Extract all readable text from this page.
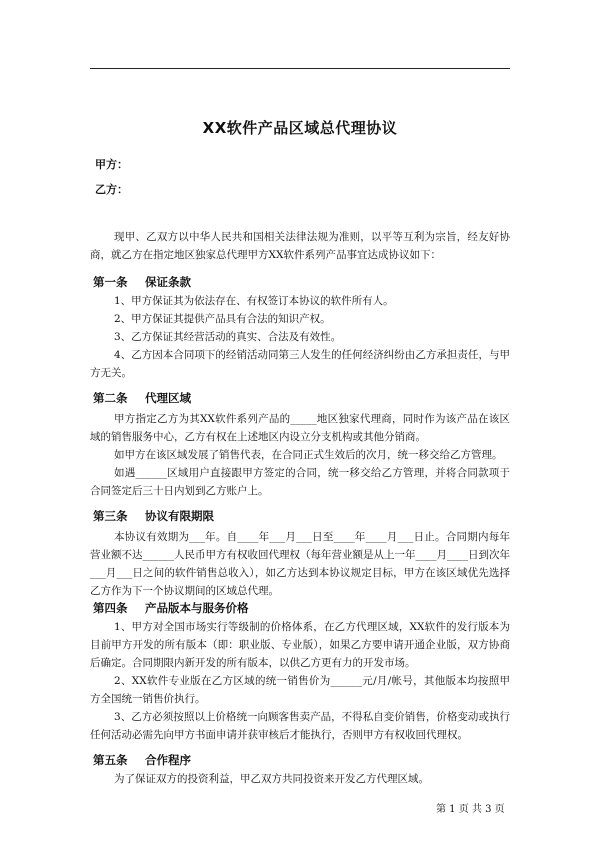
XX软件产品区域总代理协议
甲方：
乙方：
现甲、乙双方以中华人民共和国相关法律法规为准则，以平等互利为宗旨，经友好协商，就乙方在指定地区独家总代理甲方XX软件系列产品事宜达成协议如下：
第一条 保证条款
1、甲方保证其为依法存在、有权签订本协议的软件所有人。
2、甲方保证其提供产品具有合法的知识产权。
3、乙方保证其经营活动的真实、合法及有效性。
4、乙方因本合同项下的经销活动同第三人发生的任何经济纠纷由乙方承担责任，与甲方无关。
第二条 代理区域
甲方指定乙方为其XX软件系列产品的_____地区独家代理商，同时作为该产品在该区域的销售服务中心，乙方有权在上述地区内设立分支机构或其他分销商。
如甲方在该区域发展了销售代表，在合同正式生效后的次月，统一移交给乙方管理。
如遇______区域用户直接跟甲方签定的合同，统一移交给乙方管理，并将合同款项于合同签定后三十日内划到乙方账户上。
第三条 协议有限期限
本协议有效期为___年。自____年___月___日至____年____月___日止。合同期内每年营业额不达______人民币甲方有权收回代理权（每年营业额是从上一年____月____日到次年___月___日之间的软件销售总收入），如乙方达到本协议规定目标，甲方在该区域优先选择乙方作为下一个协议期间的区域总代理。
第四条 产品版本与服务价格
1、甲方对全国市场实行等级制的价格体系，在乙方代理区域，XX软件的发行版本为目前甲方开发的所有版本（即：职业版、专业版），如果乙方要申请开通企业版，双方协商后确定。合同期限内新开发的所有版本，以供乙方更有力的开发市场。
2、XX软件专业版在乙方区域的统一销售价为______元/月/帐号，其他版本均按照甲方全国统一销售价执行。
3、乙方必须按照以上价格统一向顾客售卖产品，不得私自变价销售，价格变动或执行任何活动必需先向甲方书面申请并获审核后才能执行，否则甲方有权收回代理权。
第五条 合作程序
为了保证双方的投资利益，甲乙双方共同投资来开发乙方代理区域。
第 1 页 共 3 页
